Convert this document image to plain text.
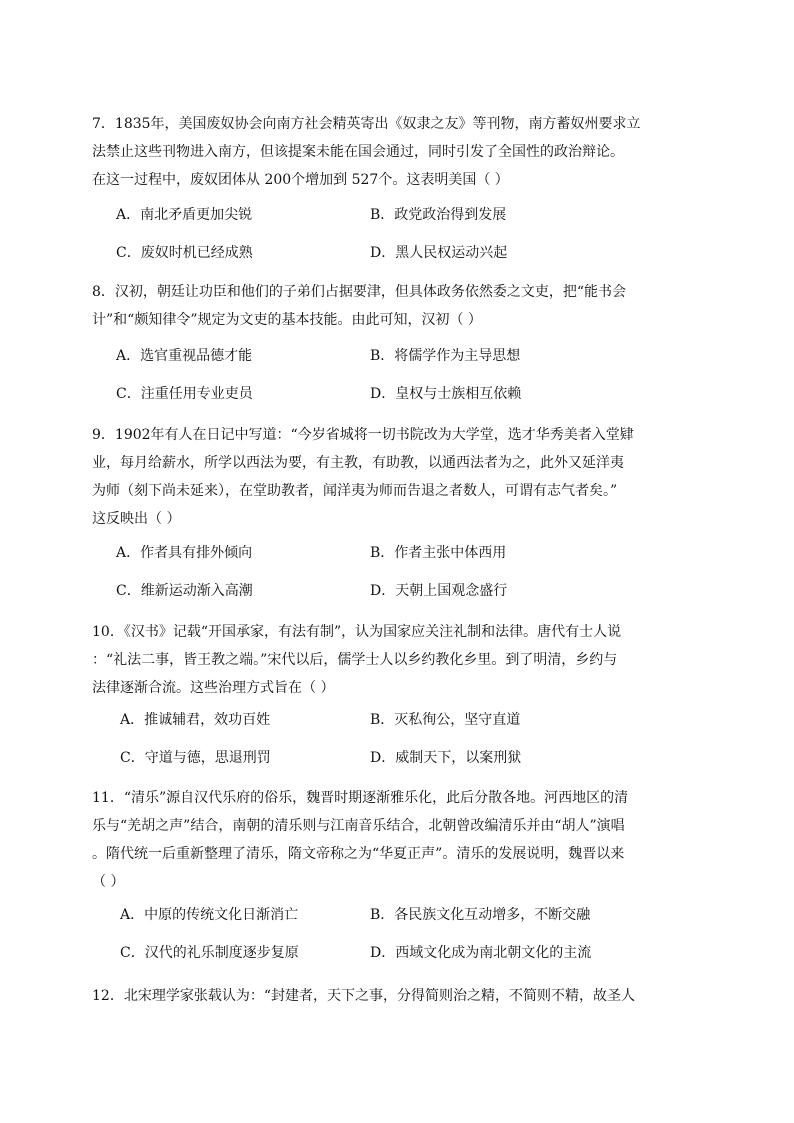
7．1835年，美国废奴协会向南方社会精英寄出《奴隶之友》等刊物，南方蓄奴州要求立
法禁止这些刊物进入南方，但该提案未能在国会通过，同时引发了全国性的政治辩论。
在这一过程中，废奴团体从 200个增加到 527个。这表明美国（ ）

A．南北矛盾更加尖锐	B．政党政治得到发展
C．废奴时机已经成熟	D．黑人民权运动兴起

8．汉初，朝廷让功臣和他们的子弟们占据要津，但具体政务依然委之文吏，把“能书会
计”和“颇知律令”规定为文吏的基本技能。由此可知，汉初（ ）

A．选官重视品德才能	B．将儒学作为主导思想
C．注重任用专业吏员	D．皇权与士族相互依赖

9．1902年有人在日记中写道：“今岁省城将一切书院改为大学堂，选才华秀美者入堂肄
业，每月给薪水，所学以西法为要，有主教，有助教，以通西法者为之，此外又延洋夷
为师（刻下尚未延来），在堂助教者，闻洋夷为师而告退之者数人，可谓有志气者矣。”
这反映出（ ）

A．作者具有排外倾向	B．作者主张中体西用
C．维新运动渐入高潮	D．天朝上国观念盛行

10．《汉书》记载“开国承家，有法有制”，认为国家应关注礼制和法律。唐代有士人说
：“礼法二事，皆王教之端。”宋代以后，儒学士人以乡约教化乡里。到了明清，乡约与
法律逐渐合流。这些治理方式旨在（ ）

A．推诚辅君，效功百姓	B．灭私徇公，坚守直道
C．守道与德，思退刑罚	D．威制天下，以案刑狱

11．“清乐”源自汉代乐府的俗乐，魏晋时期逐渐雅乐化，此后分散各地。河西地区的清
乐与“羌胡之声”结合，南朝的清乐则与江南音乐结合，北朝曾改编清乐并由“胡人”演唱
。隋代统一后重新整理了清乐，隋文帝称之为“华夏正声”。清乐的发展说明，魏晋以来
（ ）

A．中原的传统文化日渐消亡	B．各民族文化互动增多，不断交融
C．汉代的礼乐制度逐步复原	D．西域文化成为南北朝文化的主流

12．北宋理学家张载认为：“封建者，天下之事，分得简则治之精，不简则不精，故圣人
